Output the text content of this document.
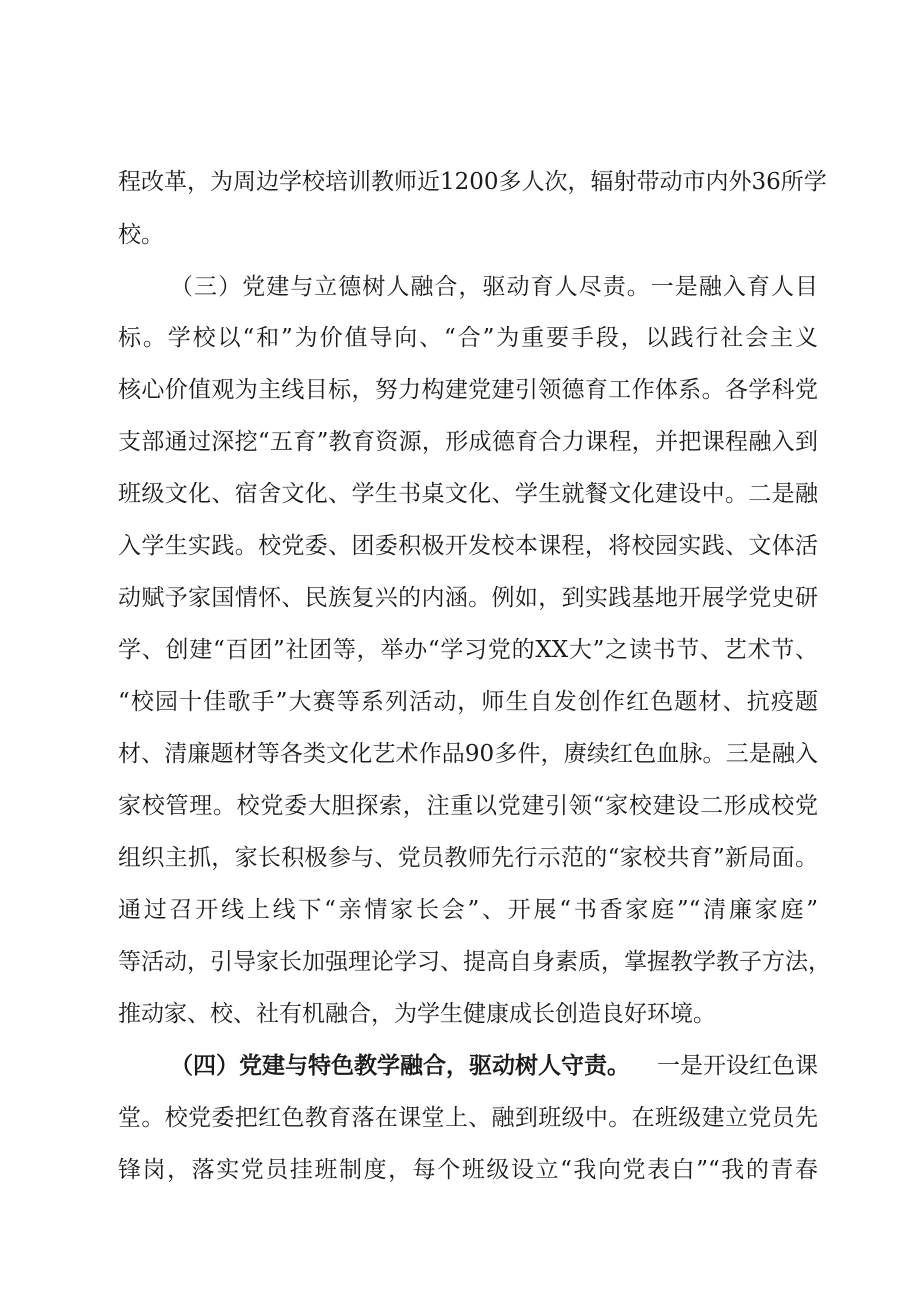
程改革，为周边学校培训教师近1200多人次，辐射带动市内外36所学
校。
（三）党建与立德树人融合，驱动育人尽责。一是融入育人目
标。学校以“和”为价值导向、“合”为重要手段，以践行社会主义
核心价值观为主线目标，努力构建党建引领德育工作体系。各学科党
支部通过深挖“五育”教育资源，形成德育合力课程，并把课程融入到
班级文化、宿舍文化、学生书桌文化、学生就餐文化建设中。二是融
入学生实践。校党委、团委积极开发校本课程，将校园实践、文体活
动赋予家国情怀、民族复兴的内涵。例如，到实践基地开展学党史研
学、创建“百团”社团等，举办“学习党的XX大”之读书节、艺术节、
“校园十佳歌手”大赛等系列活动，师生自发创作红色题材、抗疫题
材、清廉题材等各类文化艺术作品90多件，赓续红色血脉。三是融入
家校管理。校党委大胆探索，注重以党建引领“家校建设二形成校党
组织主抓，家长积极参与、党员教师先行示范的“家校共育”新局面。
通过召开线上线下“亲情家长会”、开展“书香家庭”“清廉家庭”
等活动，引导家长加强理论学习、提高自身素质，掌握教学教子方法，
推动家、校、社有机融合，为学生健康成长创造良好环境。
（四）党建与特色教学融合，驱动树人守责。 一是开设红色课
堂。校党委把红色教育落在课堂上、融到班级中。在班级建立党员先
锋岗，落实党员挂班制度，每个班级设立“我向党表白”“我的青春
